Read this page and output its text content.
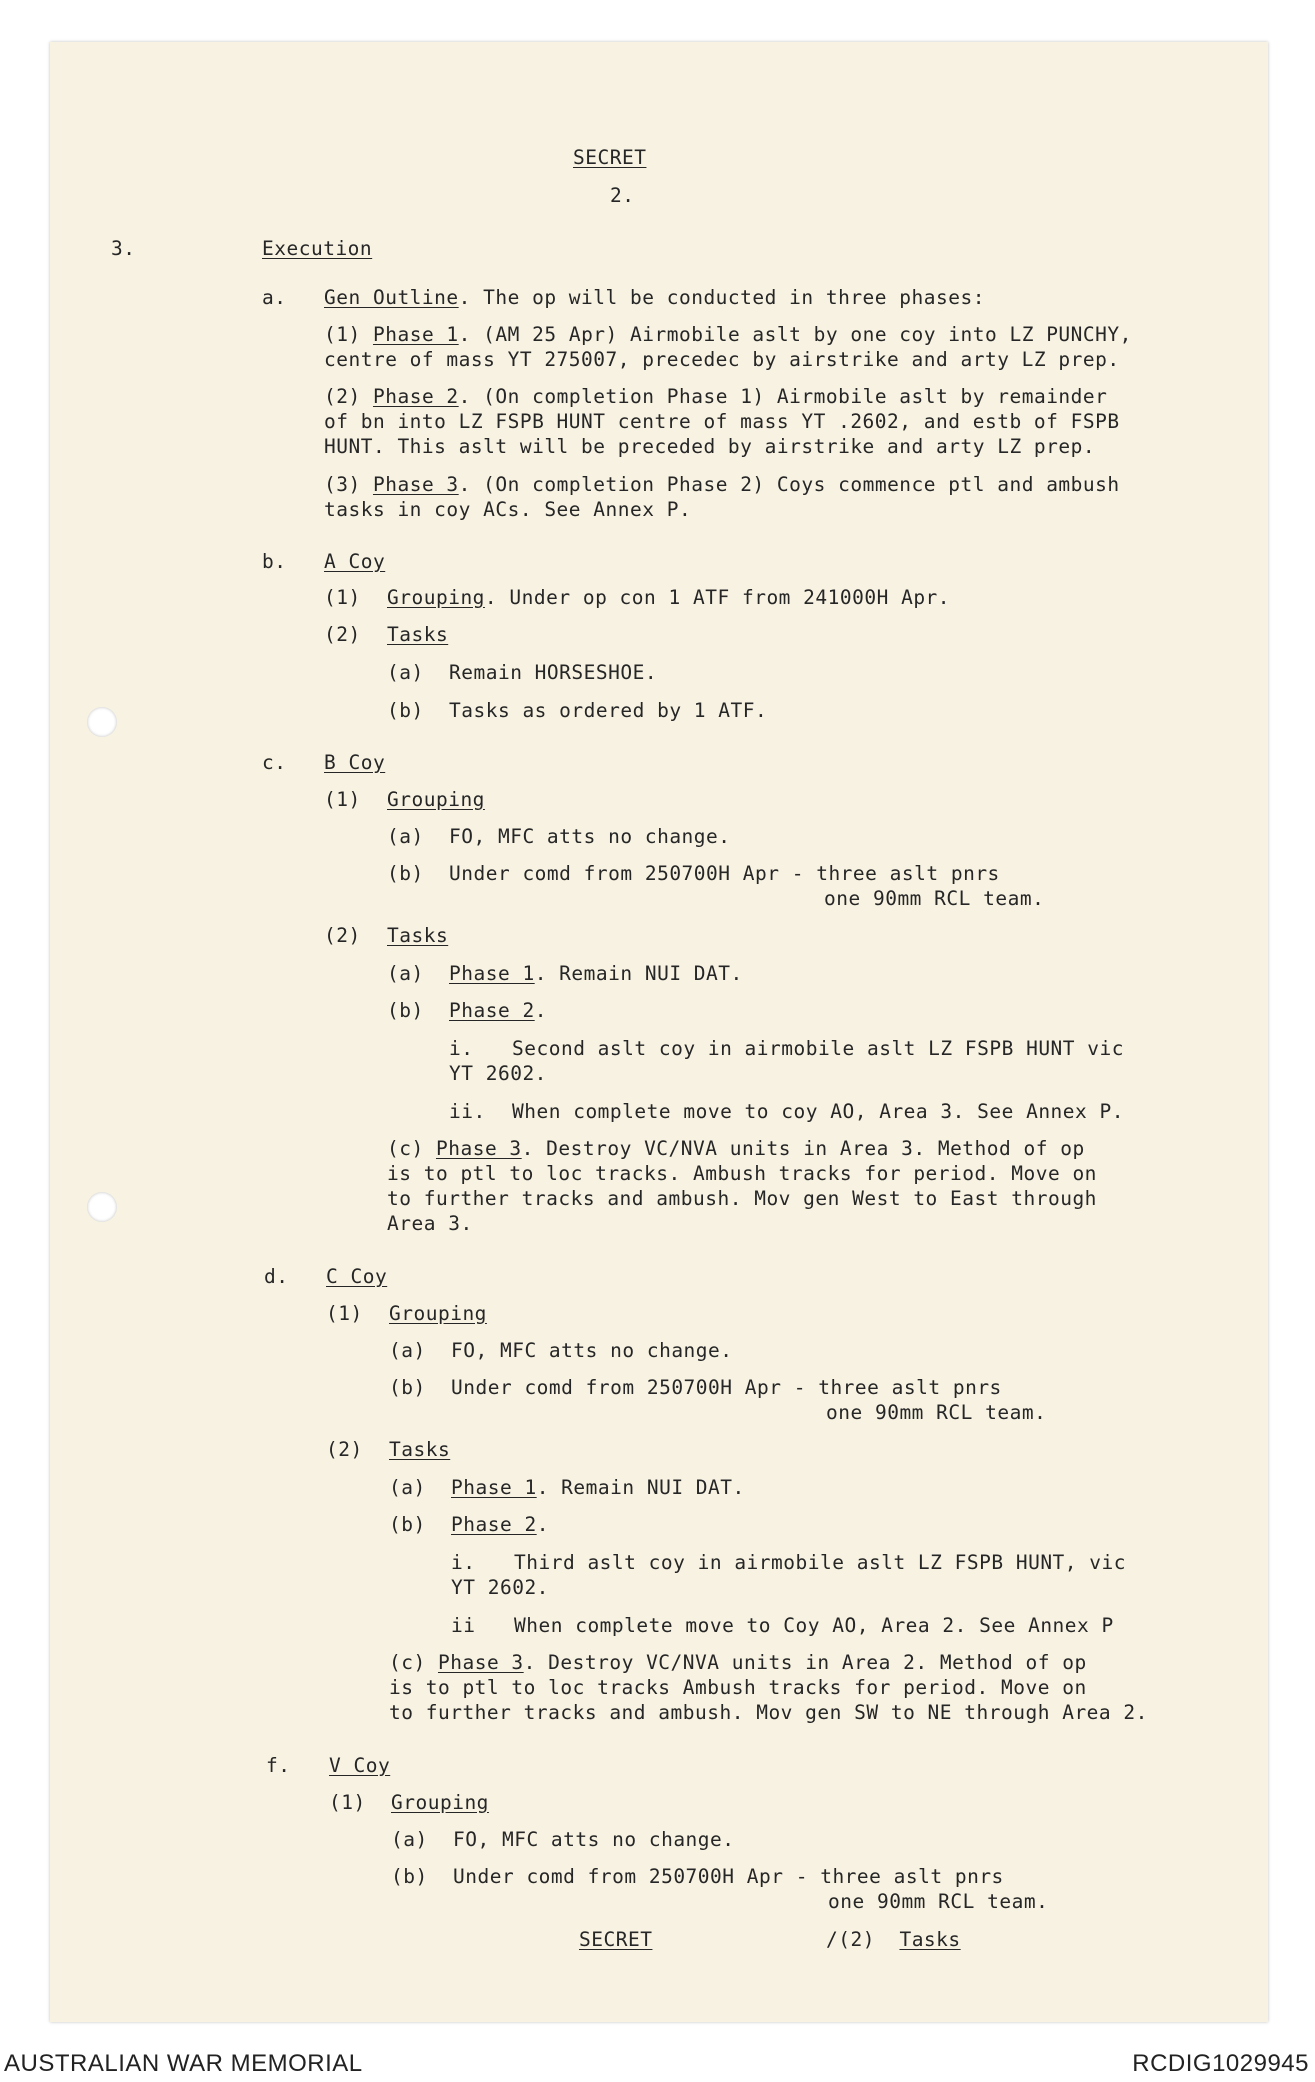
SECRET
2.
3.	Execution
a. Gen Outline. The op will be conducted in three phases:
(1) Phase 1. (AM 25 Apr) Airmobile aslt by one coy into LZ PUNCHY,
centre of mass YT 275007, precedec by airstrike and arty LZ prep.
(2) Phase 2. (On completion Phase 1) Airmobile aslt by remainder
of bn into LZ FSPB HUNT centre of mass YT .2602, and estb of FSPB
HUNT. This aslt will be preceded by airstrike and arty LZ prep.
(3) Phase 3. (On completion Phase 2) Coys commence ptl and ambush
tasks in coy ACs. See Annex P.
b. A Coy
(1) Grouping. Under op con 1 ATF from 241000H Apr.
(2) Tasks
(a) Remain HORSESHOE.
(b) Tasks as ordered by 1 ATF.
c. B Coy
(1) Grouping
(a) FO, MFC atts no change.
(b) Under comd from 250700H Apr - three aslt pnrs
one 90mm RCL team.
(2) Tasks
(a) Phase 1. Remain NUI DAT.
(b) Phase 2.
i. Second aslt coy in airmobile aslt LZ FSPB HUNT vic
YT 2602.
ii. When complete move to coy AO, Area 3. See Annex P.
(c) Phase 3. Destroy VC/NVA units in Area 3. Method of op
is to ptl to loc tracks. Ambush tracks for period. Move on
to further tracks and ambush. Mov gen West to East through
Area 3.
d. C Coy
(1) Grouping
(a) FO, MFC atts no change.
(b) Under comd from 250700H Apr - three aslt pnrs
one 90mm RCL team.
(2) Tasks
(a) Phase 1. Remain NUI DAT.
(b) Phase 2.
i. Third aslt coy in airmobile aslt LZ FSPB HUNT, vic
YT 2602.
ii When complete move to Coy AO, Area 2. See Annex P
(c) Phase 3. Destroy VC/NVA units in Area 2. Method of op
is to ptl to loc tracks Ambush tracks for period. Move on
to further tracks and ambush. Mov gen SW to NE through Area 2.
f. V Coy
(1) Grouping
(a) FO, MFC atts no change.
(b) Under comd from 250700H Apr - three aslt pnrs
one 90mm RCL team.
SECRET	/(2) Tasks
AUSTRALIAN WAR MEMORIAL	RCDIG1029945
